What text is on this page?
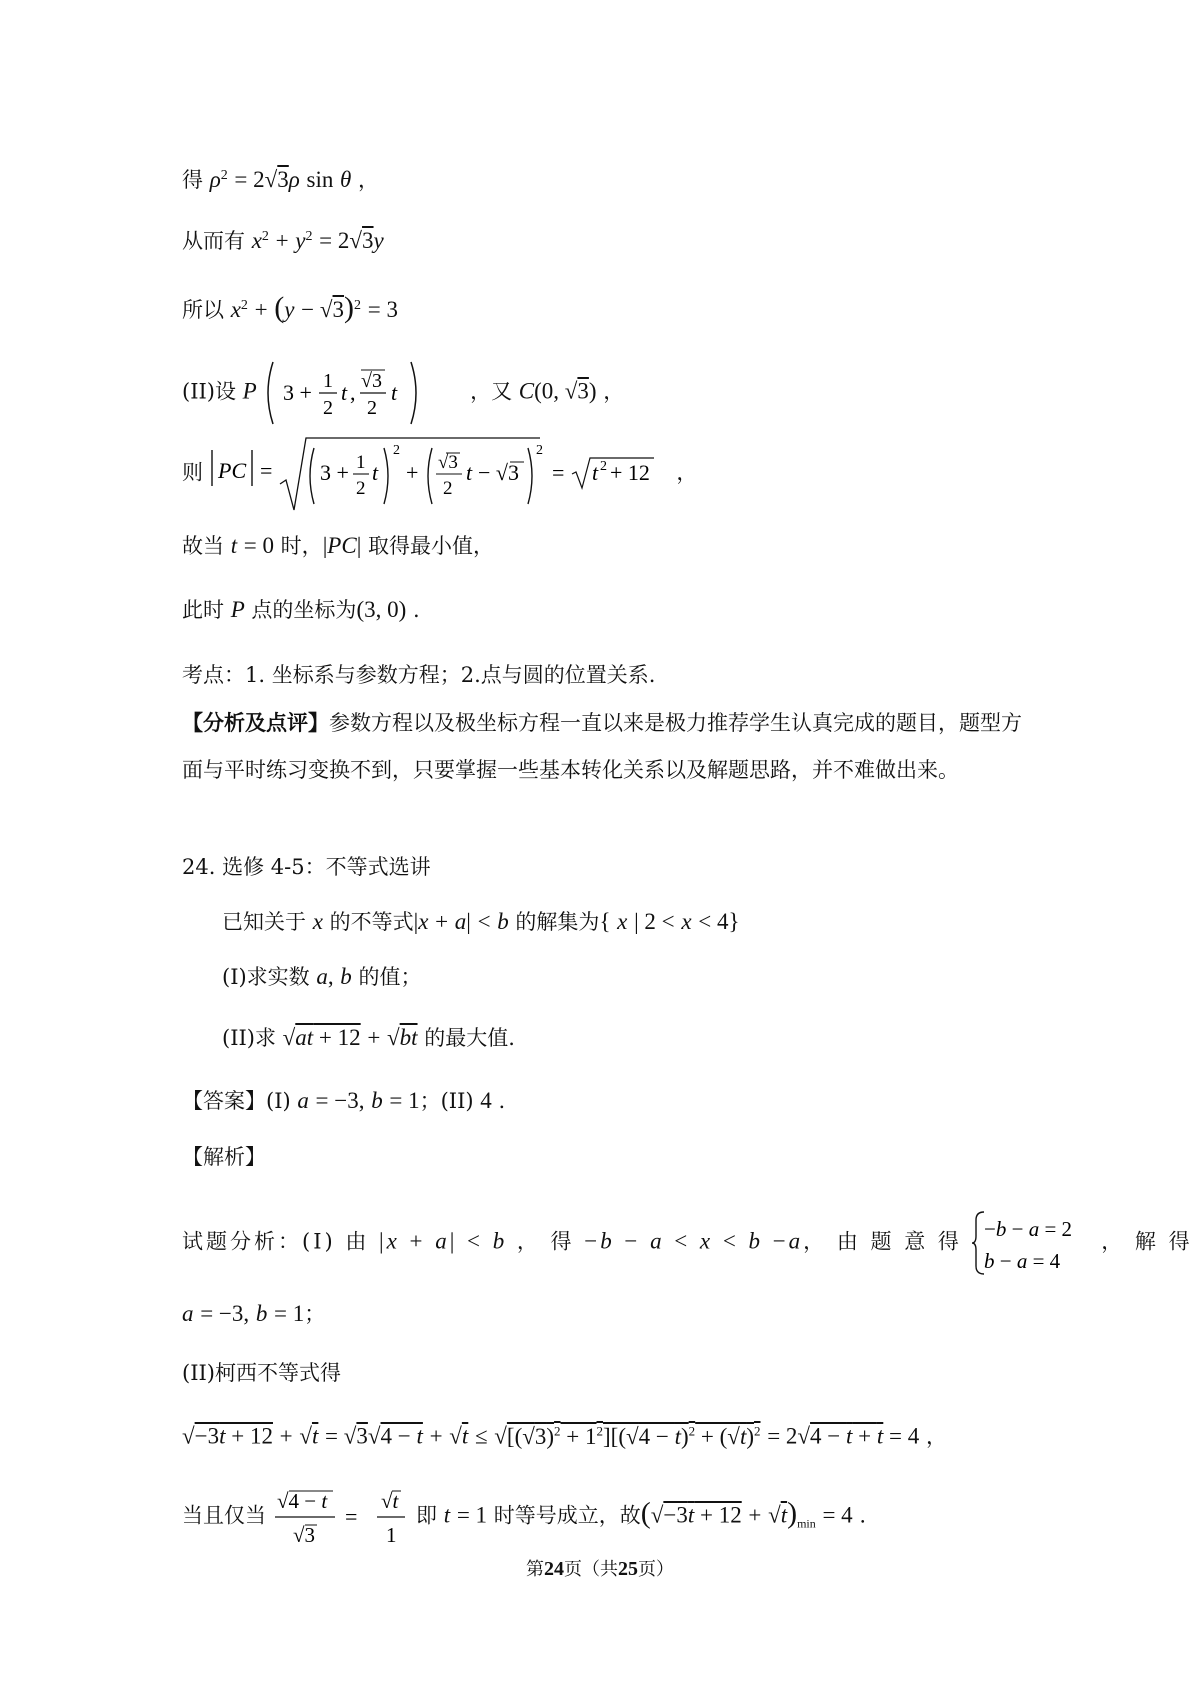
得 $\rho^2 = 2√3\rho$ sin θ ，
从而有 $x^2 + y^2 = 2√3y$
所以 $x^2 + (y - √3)^2 = 3$
(II)设 P 3 + 1
2
t , √3
2
t	，又 C(0, √3) ，
则 PC = 3 + 1
2
t
2
+ √3
2
t − √3
2
= t 2 + 12 ，
故当 t = 0 时，|PC| 取得最小值，
此时 P 点的坐标为(3, 0) .
考点：1. 坐标系与参数方程；2.点与圆的位置关系.
【分析及点评】参数方程以及极坐标方程一直以来是极力推荐学生认真完成的题目，题型方
面与平时练习变换不到，只要掌握一些基本转化关系以及解题思路，并不难做出来。
24. 选修 4-5：不等式选讲
已知关于 x 的不等式|x + a| < b 的解集为{ x | 2 < x < 4}
(I)求实数 a, b 的值；
(II)求 √at + 12 + √bt 的最大值.
【答案】(I) a = −3, b = 1；(II) 4 .
【解析】
试题分析：(I) 由 |x + a| < b ， 得 −b − a < x < b −a， 由 题 意 得
−b − a = 2
b − a = 4
， 解 得
a = −3, b = 1；
(II)柯西不等式得
$√-3t + 12 + √t = √3√4 - t + √t \le √[(√3)^2 + 1^2][(√4 - t)^2 + (√t)^2 = 2√4 - t + t = 4$ ，
当且仅当
√4 − t
√3
=

√t
1
即 t = 1 时等号成立，故$(√-3t + 12 + √t)_{min} = 4$ .
第24页（共25页）
